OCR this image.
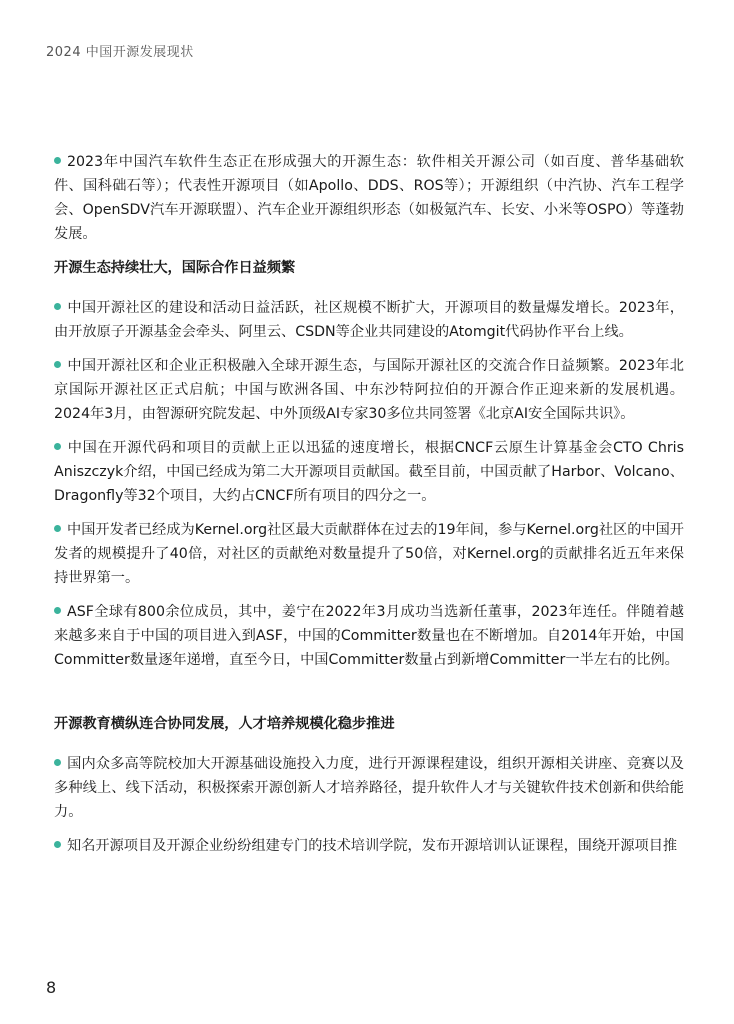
2024 中国开源发展现状

2023年中国汽车软件生态正在形成强大的开源生态：软件相关开源公司（如百度、普华基础软件、国科础石等）；代表性开源项目（如Apollo、DDS、ROS等）；开源组织（中汽协、汽车工程学会、OpenSDV汽车开源联盟）、汽车企业开源组织形态（如极氪汽车、长安、小米等OSPO）等蓬勃发展。

开源生态持续壮大，国际合作日益频繁

中国开源社区的建设和活动日益活跃，社区规模不断扩大，开源项目的数量爆发增长。2023年，由开放原子开源基金会牵头、阿里云、CSDN等企业共同建设的Atomgit代码协作平台上线。

中国开源社区和企业正积极融入全球开源生态，与国际开源社区的交流合作日益频繁。2023年北京国际开源社区正式启航；中国与欧洲各国、中东沙特阿拉伯的开源合作正迎来新的发展机遇。2024年3月，由智源研究院发起、中外顶级AI专家30多位共同签署《北京AI安全国际共识》。

中国在开源代码和项目的贡献上正以迅猛的速度增长，根据CNCF云原生计算基金会CTO Chris Aniszczyk介绍，中国已经成为第二大开源项目贡献国。截至目前，中国贡献了Harbor、Volcano、Dragonfly等32个项目，大约占CNCF所有项目的四分之一。

中国开发者已经成为Kernel.org社区最大贡献群体在过去的19年间，参与Kernel.org社区的中国开发者的规模提升了40倍，对社区的贡献绝对数量提升了50倍，对Kernel.org的贡献排名近五年来保持世界第一。

ASF全球有800余位成员，其中，姜宁在2022年3月成功当选新任董事，2023年连任。伴随着越来越多来自于中国的项目进入到ASF，中国的Committer数量也在不断增加。自2014年开始，中国Committer数量逐年递增，直至今日，中国Committer数量占到新增Committer一半左右的比例。

开源教育横纵连合协同发展，人才培养规模化稳步推进

国内众多高等院校加大开源基础设施投入力度，进行开源课程建设，组织开源相关讲座、竞赛以及多种线上、线下活动，积极探索开源创新人才培养路径，提升软件人才与关键软件技术创新和供给能力。

知名开源项目及开源企业纷纷组建专门的技术培训学院，发布开源培训认证课程，围绕开源项目推

8
